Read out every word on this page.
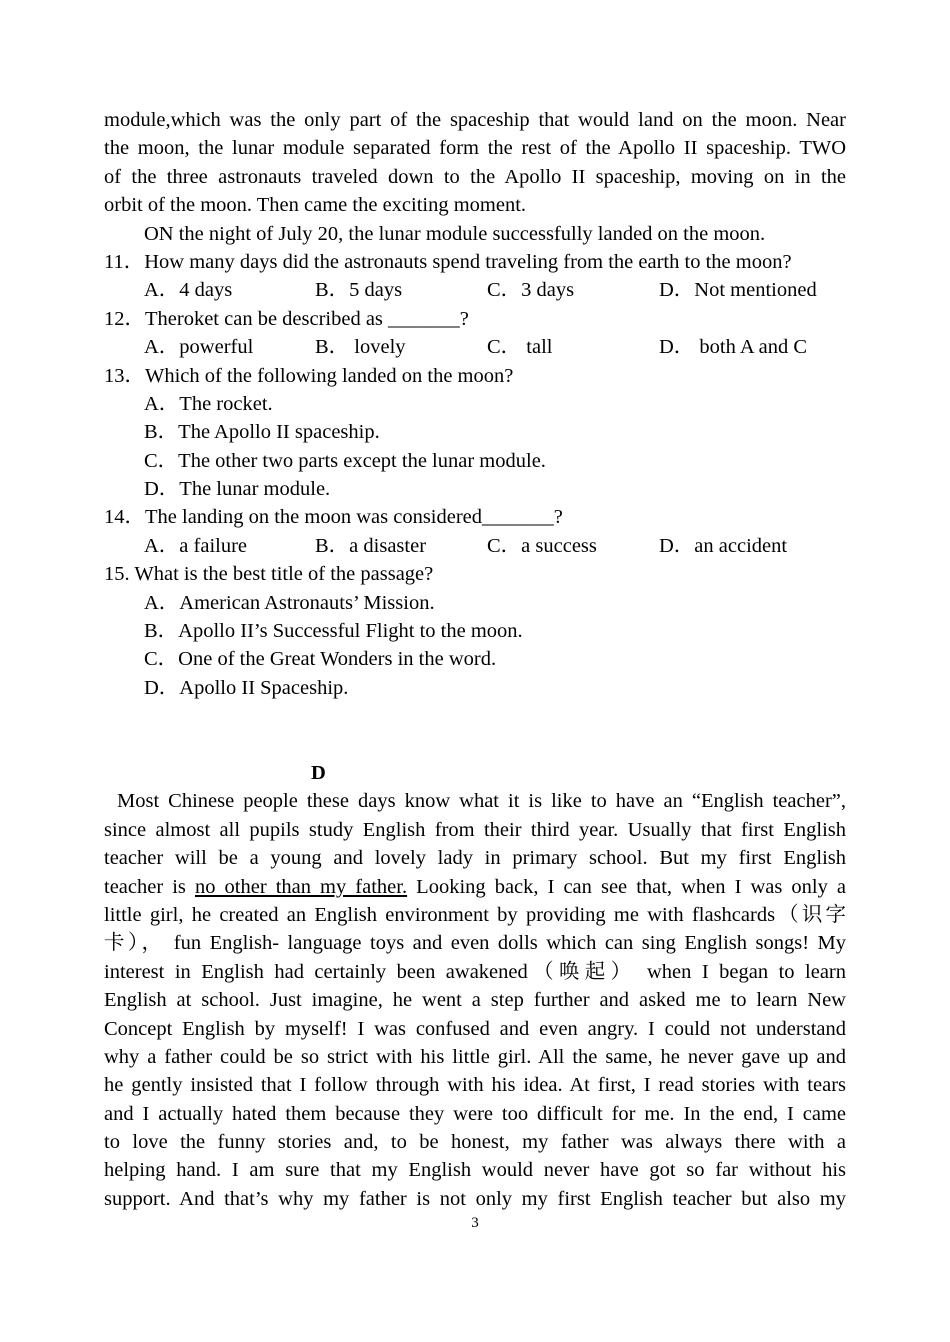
module,which was the only part of the spaceship that would land on the moon. Near
the moon, the lunar module separated form the rest of the Apollo II spaceship. TWO
of the three astronauts traveled down to the Apollo II spaceship, moving on in the
orbit of the moon. Then came the exciting moment.
ON the night of July 20, the lunar module successfully landed on the moon.
11．How many days did the astronauts spend traveling from the earth to the moon?
A．4 days	B．5 days	C．3 days	D．Not mentioned
12．Theroket can be described as _______?
A．powerful	B． lovely	C． tall	D． both A and C
13．Which of the following landed on the moon?
A．The rocket.
B．The Apollo II spaceship.
C．The other two parts except the lunar module.
D．The lunar module.
14．The landing on the moon was considered_______?
A．a failure	B．a disaster	C．a success	D．an accident
15. What is the best title of the passage?
A．American Astronauts’ Mission.
B．Apollo II’s Successful Flight to the moon.
C．One of the Great Wonders in the word.
D．Apollo II Spaceship.
D
Most Chinese people these days know what it is like to have an “English teacher”,
since almost all pupils study English from their third year. Usually that first English
teacher will be a young and lovely lady in primary school. But my first English
teacher is no other than my father. Looking back, I can see that, when I was only a
little girl, he created an English environment by providing me with flashcards（识字
卡）， fun English- language toys and even dolls which can sing English songs! My
interest in English had certainly been awakened（唤起） when I began to learn
English at school. Just imagine, he went a step further and asked me to learn New
Concept English by myself! I was confused and even angry. I could not understand
why a father could be so strict with his little girl. All the same, he never gave up and
he gently insisted that I follow through with his idea. At first, I read stories with tears
and I actually hated them because they were too difficult for me. In the end, I came
to love the funny stories and, to be honest, my father was always there with a
helping hand. I am sure that my English would never have got so far without his
support. And that’s why my father is not only my first English teacher but also my
3
